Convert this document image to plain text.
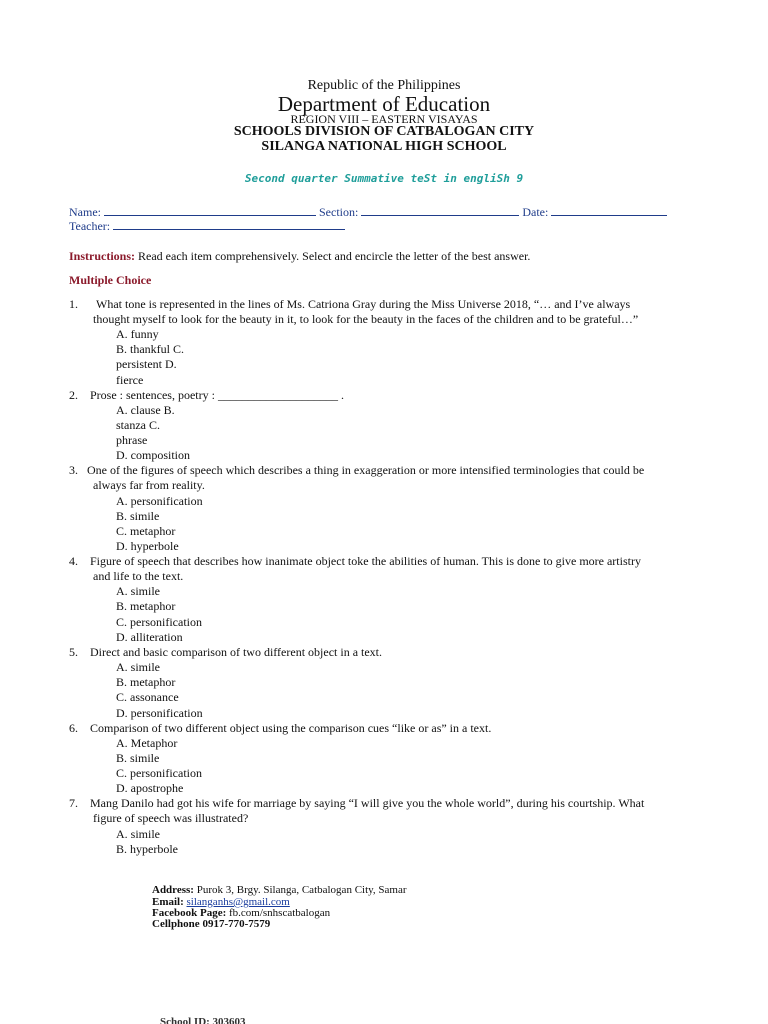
Republic of the Philippines
Department of Education
REGION VIII – EASTERN VISAYAS
SCHOOLS DIVISION OF CATBALOGAN CITY
SILANGA NATIONAL HIGH SCHOOL
Second quarter Summative teSt in engliSh 9
Name:	Section:	Date:
Teacher:
Instructions: Read each item comprehensively. Select and encircle the letter of the best answer.
Multiple Choice
1. What tone is represented in the lines of Ms. Catriona Gray during the Miss Universe 2018, “… and I’ve always
thought myself to look for the beauty in it, to look for the beauty in the faces of the children and to be grateful…”
A. funny
B. thankful C.
persistent D.
fierce
2. Prose : sentences, poetry : ____________________ .
A. clause B.
stanza C.
phrase
D. composition
3. One of the figures of speech which describes a thing in exaggeration or more intensified terminologies that could be
always far from reality.
A. personification
B. simile
C. metaphor
D. hyperbole
4. Figure of speech that describes how inanimate object toke the abilities of human. This is done to give more artistry
and life to the text.
A. simile
B. metaphor
C. personification
D. alliteration
5. Direct and basic comparison of two different object in a text.
A. simile
B. metaphor
C. assonance
D. personification
6. Comparison of two different object using the comparison cues “like or as” in a text.
A. Metaphor
B. simile
C. personification
D. apostrophe
7. Mang Danilo had got his wife for marriage by saying “I will give you the whole world”, during his courtship. What
figure of speech was illustrated?
A. simile
B. hyperbole
Address: Purok 3, Brgy. Silanga, Catbalogan City, Samar
Email: silanganhs@gmail.com
Facebook Page: fb.com/snhscatbalogan
Cellphone 0917-770-7579
School ID: 303603
